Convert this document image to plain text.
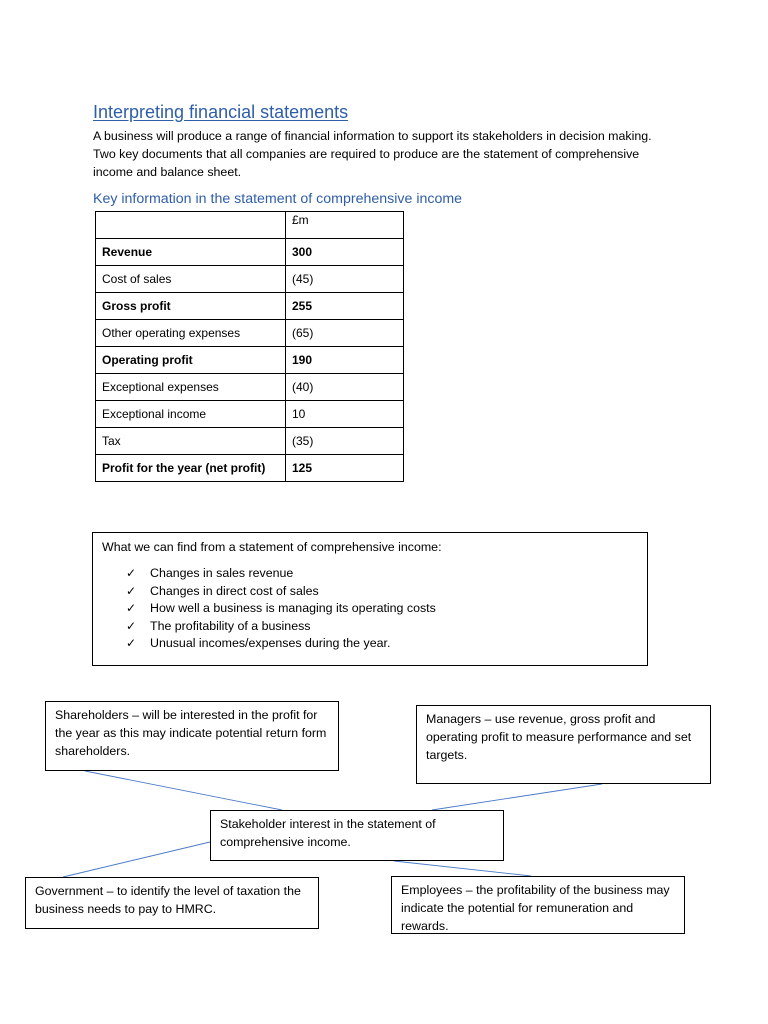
Interpreting financial statements
A business will produce a range of financial information to support its stakeholders in decision making. Two key documents that all companies are required to produce are the statement of comprehensive income and balance sheet.
Key information in the statement of comprehensive income
	£m
Revenue	300
Cost of sales	(45)
Gross profit	255
Other operating expenses	(65)
Operating profit	190
Exceptional expenses	(40)
Exceptional income	10
Tax	(35)
Profit for the year (net profit)	125
What we can find from a statement of comprehensive income:
✓ Changes in sales revenue
✓ Changes in direct cost of sales
✓ How well a business is managing its operating costs
✓ The profitability of a business
✓ Unusual incomes/expenses during the year.
Shareholders – will be interested in the profit for the year as this may indicate potential return form shareholders.
Managers – use revenue, gross profit and operating profit to measure performance and set targets.
Stakeholder interest in the statement of comprehensive income.
Government – to identify the level of taxation the business needs to pay to HMRC.
Employees – the profitability of the business may indicate the potential for remuneration and rewards.
